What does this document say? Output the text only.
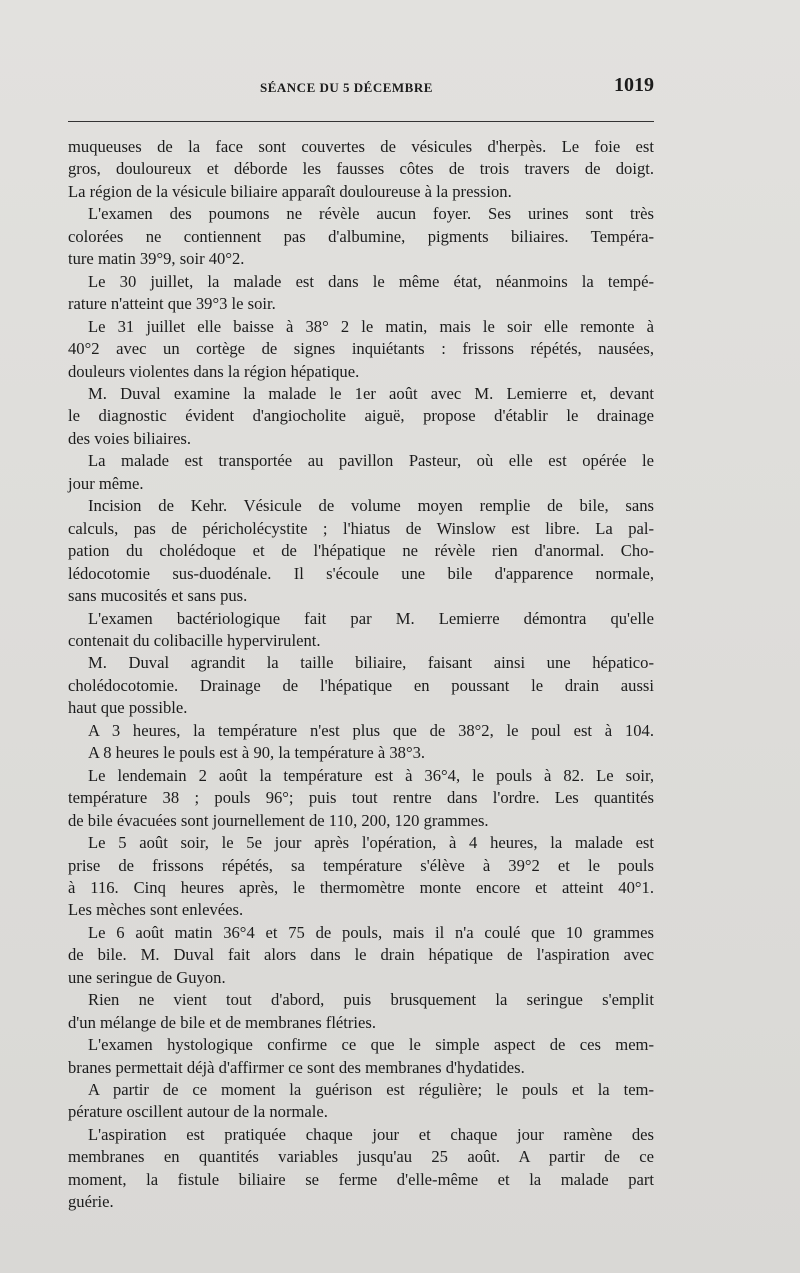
SÉANCE DU 5 DÉCEMBRE	1019
muqueuses de la face sont couvertes de vésicules d'herpès. Le foie est
gros, douloureux et déborde les fausses côtes de trois travers de doigt.
La région de la vésicule biliaire apparaît douloureuse à la pression.
L'examen des poumons ne révèle aucun foyer. Ses urines sont très
colorées ne contiennent pas d'albumine, pigments biliaires. Tempéra-
ture matin 39°9, soir 40°2.
Le 30 juillet, la malade est dans le même état, néanmoins la tempé-
rature n'atteint que 39°3 le soir.
Le 31 juillet elle baisse à 38° 2 le matin, mais le soir elle remonte à
40°2 avec un cortège de signes inquiétants : frissons répétés, nausées,
douleurs violentes dans la région hépatique.
M. Duval examine la malade le 1er août avec M. Lemierre et, devant
le diagnostic évident d'angiocholite aiguë, propose d'établir le drainage
des voies biliaires.
La malade est transportée au pavillon Pasteur, où elle est opérée le
jour même.
Incision de Kehr. Vésicule de volume moyen remplie de bile, sans
calculs, pas de péricholécystite ; l'hiatus de Winslow est libre. La pal-
pation du cholédoque et de l'hépatique ne révèle rien d'anormal. Cho-
lédocotomie sus-duodénale. Il s'écoule une bile d'apparence normale,
sans mucosités et sans pus.
L'examen bactériologique fait par M. Lemierre démontra qu'elle
contenait du colibacille hypervirulent.
M. Duval agrandit la taille biliaire, faisant ainsi une hépatico-
cholédocotomie. Drainage de l'hépatique en poussant le drain aussi
haut que possible.
A 3 heures, la température n'est plus que de 38°2, le poul est à 104.
A 8 heures le pouls est à 90, la température à 38°3.
Le lendemain 2 août la température est à 36°4, le pouls à 82. Le soir,
température 38 ; pouls 96°; puis tout rentre dans l'ordre. Les quantités
de bile évacuées sont journellement de 110, 200, 120 grammes.
Le 5 août soir, le 5e jour après l'opération, à 4 heures, la malade est
prise de frissons répétés, sa température s'élève à 39°2 et le pouls
à 116. Cinq heures après, le thermomètre monte encore et atteint 40°1.
Les mèches sont enlevées.
Le 6 août matin 36°4 et 75 de pouls, mais il n'a coulé que 10 grammes
de bile. M. Duval fait alors dans le drain hépatique de l'aspiration avec
une seringue de Guyon.
Rien ne vient tout d'abord, puis brusquement la seringue s'emplit
d'un mélange de bile et de membranes flétries.
L'examen hystologique confirme ce que le simple aspect de ces mem-
branes permettait déjà d'affirmer ce sont des membranes d'hydatides.
A partir de ce moment la guérison est régulière; le pouls et la tem-
pérature oscillent autour de la normale.
L'aspiration est pratiquée chaque jour et chaque jour ramène des
membranes en quantités variables jusqu'au 25 août. A partir de ce
moment, la fistule biliaire se ferme d'elle-même et la malade part
guérie.
